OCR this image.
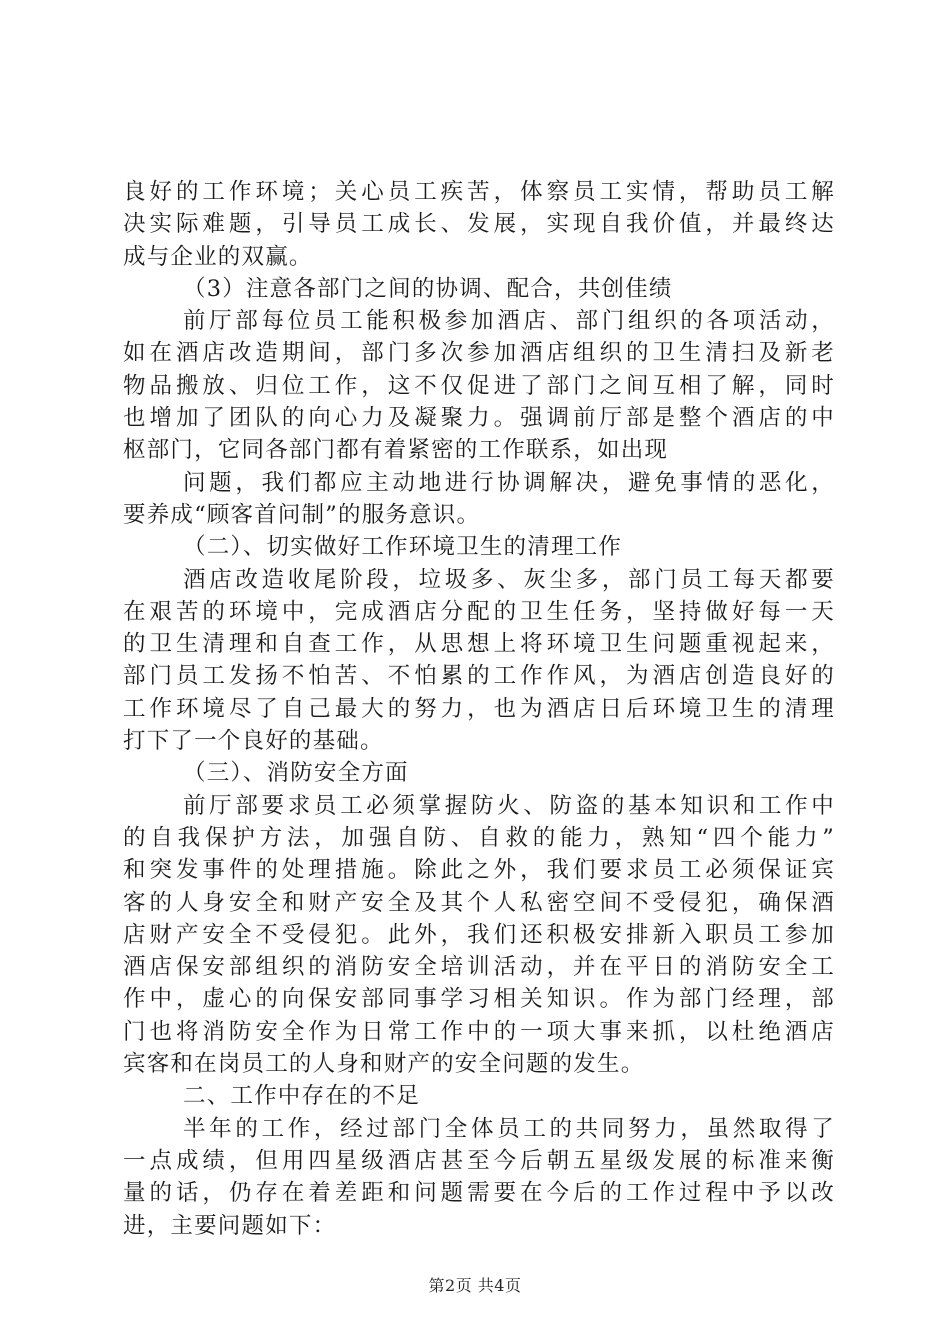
良好的工作环境；关心员工疾苦，体察员工实情，帮助员工解
决实际难题，引导员工成长、发展，实现自我价值，并最终达
成与企业的双赢。
（3）注意各部门之间的协调、配合，共创佳绩
前厅部每位员工能积极参加酒店、部门组织的各项活动，
如在酒店改造期间，部门多次参加酒店组织的卫生清扫及新老
物品搬放、归位工作，这不仅促进了部门之间互相了解，同时
也增加了团队的向心力及凝聚力。强调前厅部是整个酒店的中
枢部门，它同各部门都有着紧密的工作联系，如出现
问题，我们都应主动地进行协调解决，避免事情的恶化，
要养成“顾客首问制”的服务意识。
（二）、切实做好工作环境卫生的清理工作
酒店改造收尾阶段，垃圾多、灰尘多，部门员工每天都要
在艰苦的环境中，完成酒店分配的卫生任务，坚持做好每一天
的卫生清理和自查工作，从思想上将环境卫生问题重视起来，
部门员工发扬不怕苦、不怕累的工作作风，为酒店创造良好的
工作环境尽了自己最大的努力，也为酒店日后环境卫生的清理
打下了一个良好的基础。
（三）、消防安全方面
前厅部要求员工必须掌握防火、防盗的基本知识和工作中
的自我保护方法，加强自防、自救的能力，熟知“四个能力”
和突发事件的处理措施。除此之外，我们要求员工必须保证宾
客的人身安全和财产安全及其个人私密空间不受侵犯，确保酒
店财产安全不受侵犯。此外，我们还积极安排新入职员工参加
酒店保安部组织的消防安全培训活动，并在平日的消防安全工
作中，虚心的向保安部同事学习相关知识。作为部门经理，部
门也将消防安全作为日常工作中的一项大事来抓，以杜绝酒店
宾客和在岗员工的人身和财产的安全问题的发生。
二、工作中存在的不足
半年的工作，经过部门全体员工的共同努力，虽然取得了
一点成绩，但用四星级酒店甚至今后朝五星级发展的标准来衡
量的话，仍存在着差距和问题需要在今后的工作过程中予以改
进，主要问题如下：
第2页 共4页
